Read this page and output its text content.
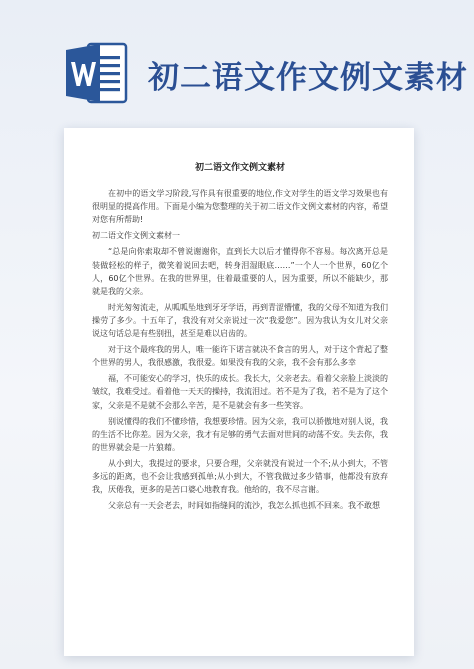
初二语文作文例文素材
初二语文作文例文素材

在初中的语文学习阶段,写作具有很重要的地位,作文对学生的语文学习效果也有很明显的提高作用。下面是小编为您整理的关于初二语文作文例文素材的内容，希望对您有所帮助!

初二语文作文例文素材一

“总是向你索取却不曾说谢谢你，直到长大以后才懂得你不容易。每次离开总是装做轻松的样子，微笑着说回去吧，转身泪湿眼底……”一个人一个世界，60亿个人，60亿个世界。在我的世界里，住着最重要的人，因为重要，所以不能缺少，那就是我的父亲。

时光匆匆流走，从呱呱坠地到牙牙学语，再到青涩懵懂，我的父母不知道为我们操劳了多少。十五年了，我没有对父亲说过一次“我爱您”。因为我认为女儿对父亲说这句话总是有些别扭，甚至是难以启齿的。

对于这个最疼我的男人，唯一能许下诺言就决不食言的男人，对于这个背起了整个世界的男人，我很感激，我很爱。如果没有我的父亲，我不会有那么多幸

福，不可能安心的学习，快乐的成长。我长大，父亲老去。看着父亲脸上淡淡的皱纹，我难受过。看着他一天天的操持，我流泪过。若不是为了我，若不是为了这个家，父亲是不是就不会那么辛苦，是不是就会有多一些笑容。

别说懂得的我们不懂珍惜，我想要珍惜。因为父亲，我可以骄傲地对别人说，我的生活不比你差。因为父亲，我才有足够的勇气去面对世间的动荡不安。失去你，我的世界就会是一片狼藉。

从小到大，我提过的要求，只要合理，父亲就没有说过一个不;从小到大，不管多远的距离，也不会让我感到孤单;从小到大，不管我做过多少错事，他都没有放弃我，厌倦我，更多的是苦口婆心地教育我。他给的，我不尽言谢。

父亲总有一天会老去，时间如指缝间的流沙，我怎么抓也抓不回来。我不敢想
